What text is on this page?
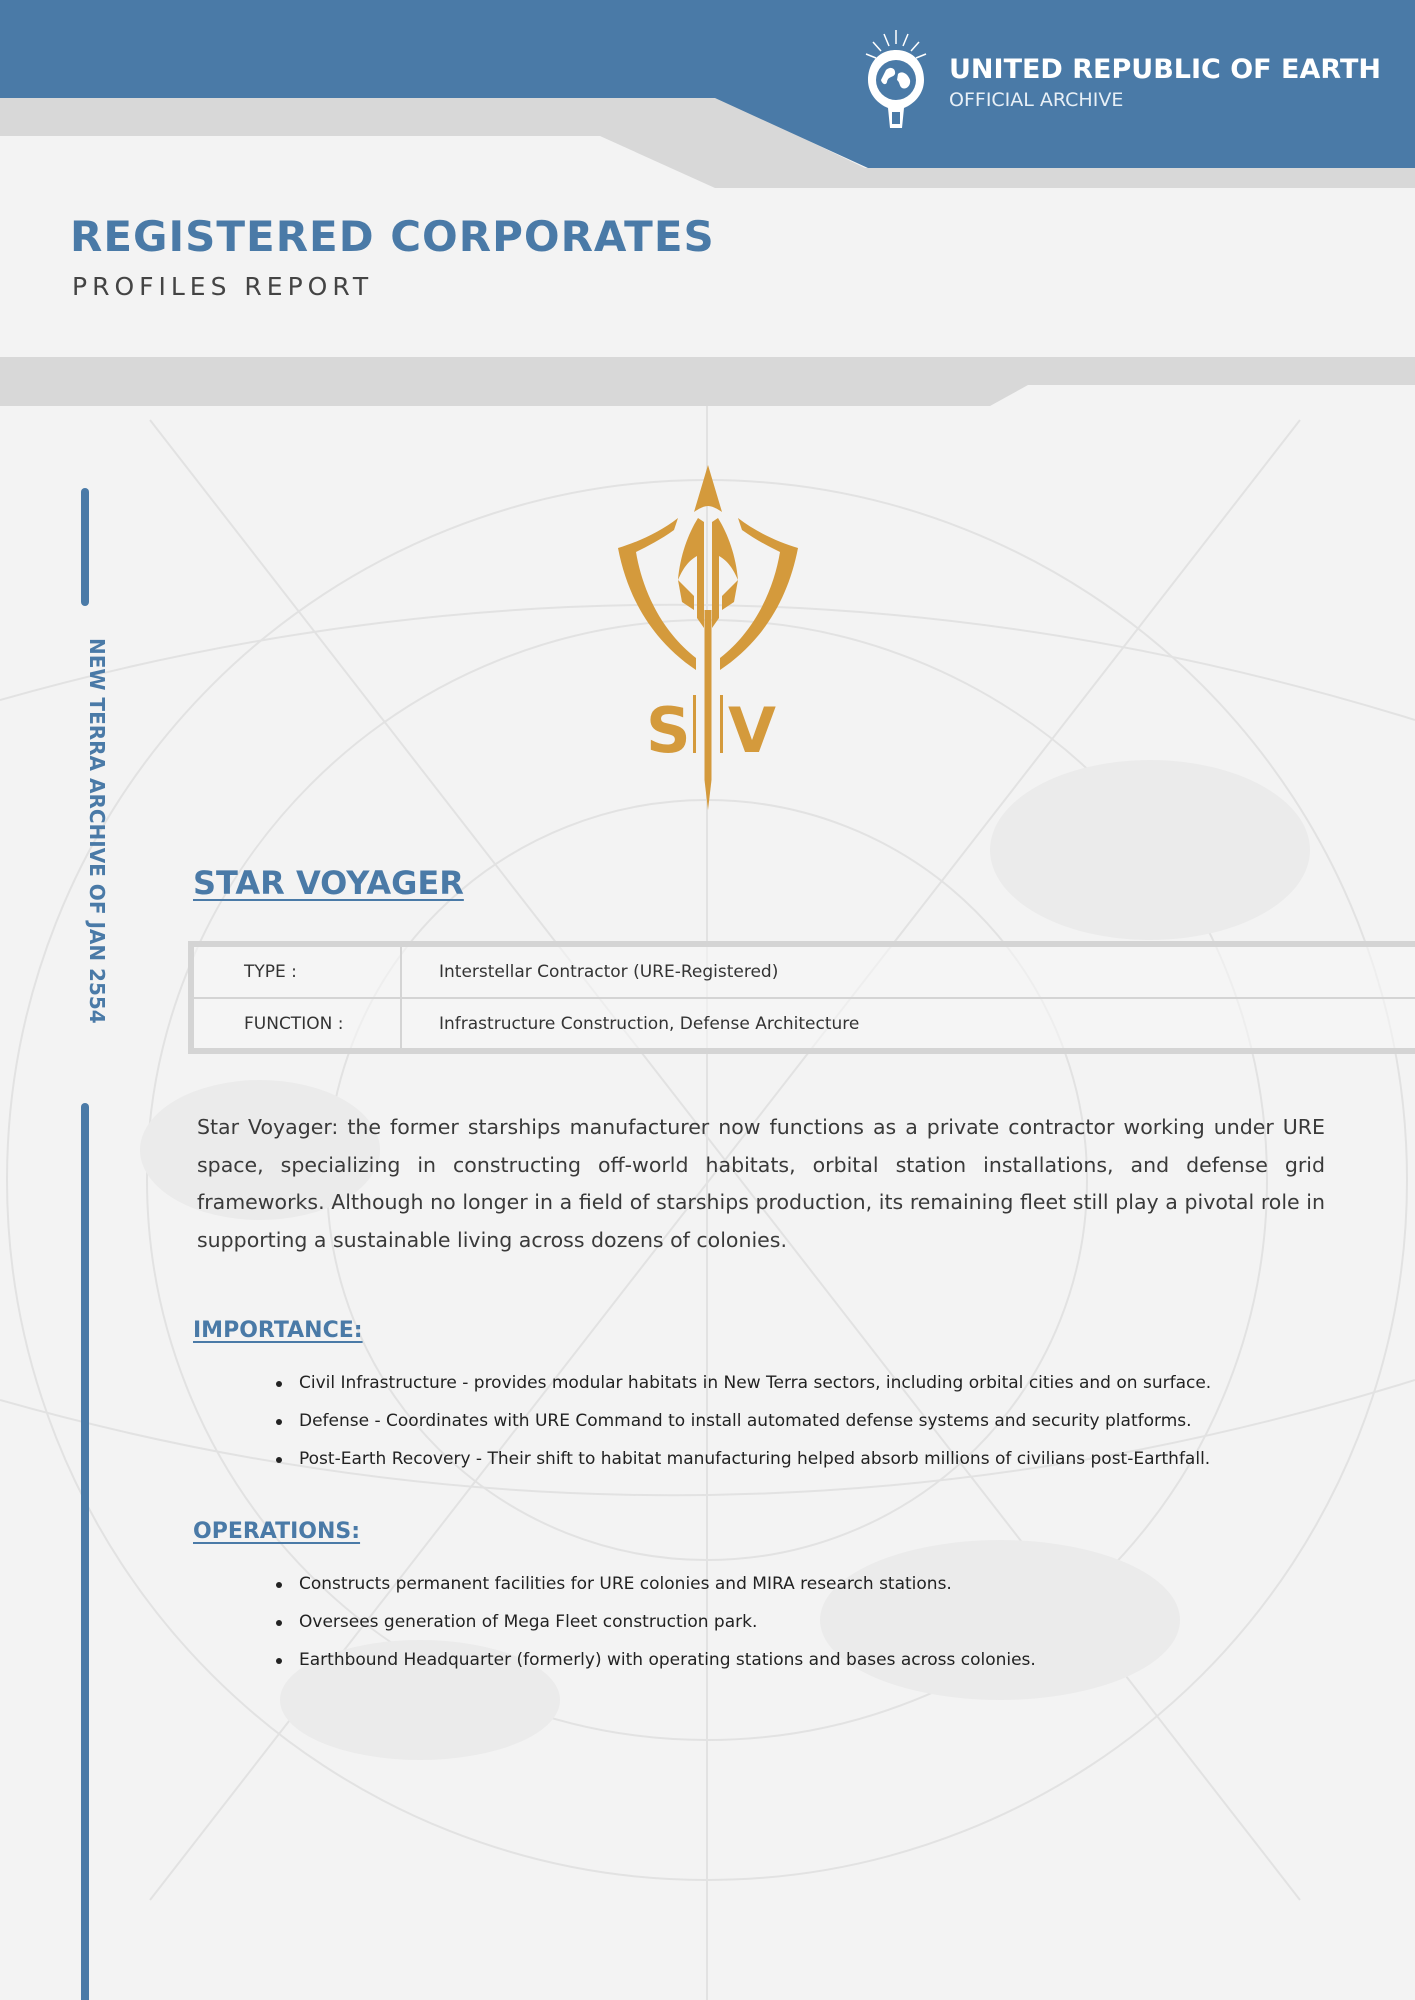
UNITED REPUBLIC OF EARTH
OFFICIAL ARCHIVE
REGISTERED CORPORATES
PROFILES REPORT
NEW TERRA ARCHIVE OF JAN 2554	S V
STAR VOYAGER
TYPE :	Interstellar Contractor (URE-Registered)
FUNCTION :	Infrastructure Construction, Defense Architecture

Star Voyager: the former starships manufacturer now functions as a private contractor working under URE space, specializing in constructing off-world habitats, orbital station installations, and defense grid frameworks. Although no longer in a field of starships production, its remaining fleet still play a pivotal role in supporting a sustainable living across dozens of colonies.

IMPORTANCE:
Civil Infrastructure - provides modular habitats in New Terra sectors, including orbital cities and on surface.
Defense - Coordinates with URE Command to install automated defense systems and security platforms.
Post-Earth Recovery - Their shift to habitat manufacturing helped absorb millions of civilians post-Earthfall.
OPERATIONS:
Constructs permanent facilities for URE colonies and MIRA research stations.
Oversees generation of Mega Fleet construction park.
Earthbound Headquarter (formerly) with operating stations and bases across colonies.
